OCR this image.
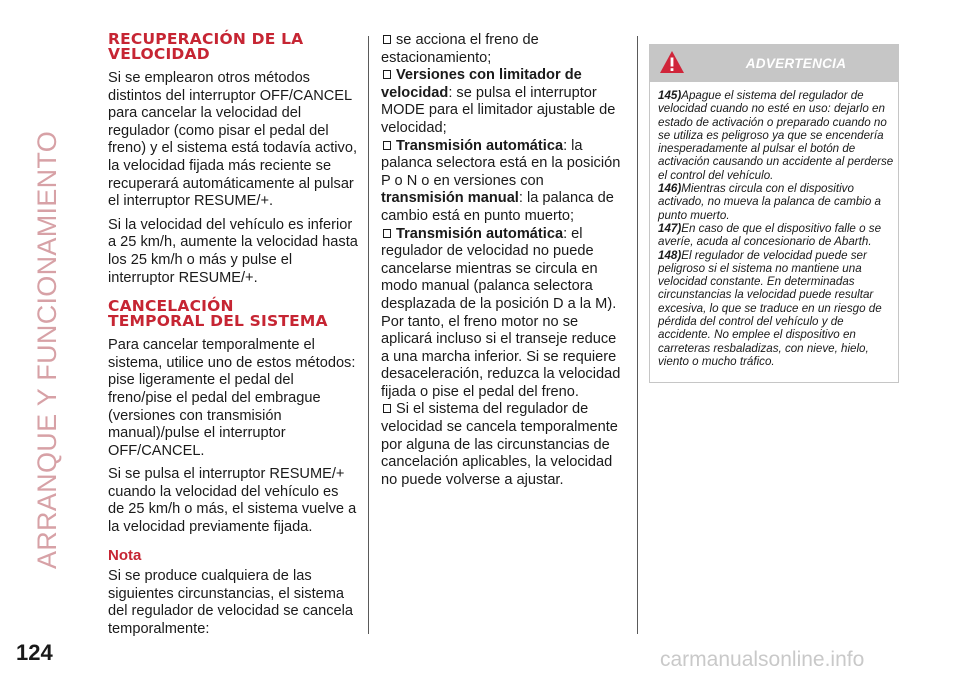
ARRANQUE Y FUNCIONAMIENTO
RECUPERACIÓN DE LA
VELOCIDAD

Si se emplearon otros métodos distintos del interruptor OFF/CANCEL para cancelar la velocidad del regulador (como pisar el pedal del freno) y el sistema está todavía activo, la velocidad fijada más reciente se recuperará automáticamente al pulsar el interruptor RESUME/+.

Si la velocidad del vehículo es inferior a 25 km/h, aumente la velocidad hasta los 25 km/h o más y pulse el interruptor RESUME/+.

CANCELACIÓN
TEMPORAL DEL SISTEMA

Para cancelar temporalmente el sistema, utilice uno de estos métodos: pise ligeramente el pedal del freno/pise el pedal del embrague (versiones con transmisión manual)/pulse el interruptor OFF/CANCEL.

Si se pulsa el interruptor RESUME/+ cuando la velocidad del vehículo es de 25 km/h o más, el sistema vuelve a la velocidad previamente fijada.

Nota

Si se produce cualquiera de las siguientes circunstancias, el sistema del regulador de velocidad se cancela temporalmente:

se acciona el freno de estacionamiento;

Versiones con limitador de velocidad: se pulsa el interruptor MODE para el limitador ajustable de velocidad;

Transmisión automática: la palanca selectora está en la posición P o N o en versiones con transmisión manual: la palanca de cambio está en punto muerto;

Transmisión automática: el regulador de velocidad no puede cancelarse mientras se circula en modo manual (palanca selectora desplazada de la posición D a la M). Por tanto, el freno motor no se aplicará incluso si el transeje reduce a una marcha inferior. Si se requiere desaceleración, reduzca la velocidad fijada o pise el pedal del freno.

Si el sistema del regulador de velocidad se cancela temporalmente por alguna de las circunstancias de cancelación aplicables, la velocidad no puede volverse a ajustar.

ADVERTENCIA

145)Apague el sistema del regulador de velocidad cuando no esté en uso: dejarlo en estado de activación o preparado cuando no se utiliza es peligroso ya que se encendería inesperadamente al pulsar el botón de activación causando un accidente al perderse el control del vehículo.

146)Mientras circula con el dispositivo activado, no mueva la palanca de cambio a punto muerto.

147)En caso de que el dispositivo falle o se averíe, acuda al concesionario de Abarth.

148)El regulador de velocidad puede ser peligroso si el sistema no mantiene una velocidad constante. En determinadas circunstancias la velocidad puede resultar excesiva, lo que se traduce en un riesgo de pérdida del control del vehículo y de accidente. No emplee el dispositivo en carreteras resbaladizas, con nieve, hielo, viento o mucho tráfico.

124	carmanualsonline.info
